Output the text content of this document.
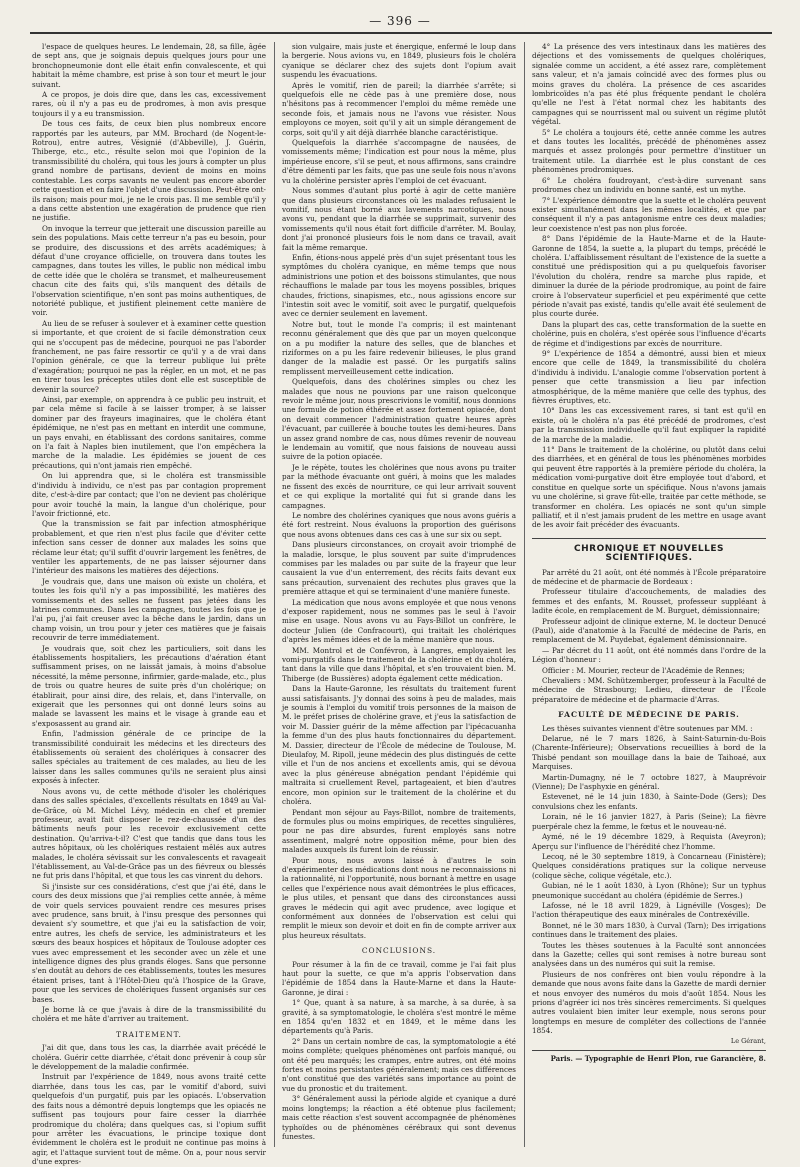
— 396 —

l'espace de quelques heures. Le lendemain, 28, sa fille, âgée de sept ans, que je soignais depuis quelques jours pour une bronchopneumonie dont elle était enfin convalescente, et qui habitait la même chambre, est prise à son tour et meurt le jour suivant.

A ce propos, je dois dire que, dans les cas, excessivement rares, où il n'y a pas eu de prodromes, à mon avis presque toujours il y a eu transmission.

De tous ces faits, de ceux bien plus nombreux encore rapportés par les auteurs, par MM. Brochard (de Nogent-le-Rotrou), entre autres, Vésignié (d'Abbeville), J. Guérin, Thiberge, etc., etc., résulte selon moi que l'opinion de la transmissibilité du choléra, qui tous les jours à compter un plus grand nombre de partisans, devient de moins en moins contestable. Les corps savants ne veulent pas encore aborder cette question et en faire l'objet d'une discussion. Peut-être ont-ils raison; mais pour moi, je ne le crois pas. Il me semble qu'il y a dans cette abstention une exagération de prudence que rien ne justifie.

On invoque la terreur que jetterait une discussion pareille au sein des populations. Mais cette terreur n'a pas eu besoin, pour se produire, des discussions et des arrêts académiques; à défaut d'une croyance officielle, on trouvera dans toutes les campagnes, dans toutes les villes, le public non médical imbu de cette idée que le choléra se transmet, et malheureusement chacun cite des faits qui, s'ils manquent des détails de l'observation scientifique, n'en sont pas moins authentiques, de notoriété publique, et justifient pleinement cette manière de voir.

Au lieu de se refuser à soulever et à examiner cette question si importante, et que croient de si facile démonstration ceux qui ne s'occupent pas de médecine, pourquoi ne pas l'aborder franchement, ne pas faire ressortir ce qu'il y a de vrai dans l'opinion générale, ce que la terreur publique lui prête d'exagération; pourquoi ne pas la régler, en un mot, et ne pas en tirer tous les préceptes utiles dont elle est susceptible de devenir la source?

Ainsi, par exemple, on apprendra à ce public peu instruit, et par cela même si facile à se laisser tromper, à se laisser dominer par des frayeurs imaginaires, que le choléra étant épidémique, ne n'est pas en mettant en interdit une commune, un pays envahi, en établissant des cordons sanitaires, comme on l'a fait à Naples bien inutilement, que l'on empêchera la marche de la maladie. Les épidémies se jouent de ces précautions, qui n'ont jamais rien empêché.

On lui apprendra que, si le choléra est transmissible d'individu à individu, ce n'est pas par contagion proprement dite, c'est-à-dire par contact; que l'on ne devient pas cholérique pour avoir touché la main, la langue d'un cholérique, pour l'avoir frictionné, etc.

Que la transmission se fait par infection atmosphérique probablement, et que rien n'est plus facile que d'éviter cette infection sans cesser de donner aux malades les soins que réclame leur état; qu'il suffit d'ouvrir largement les fenêtres, de ventiler les appartements, de ne pas laisser séjourner dans l'intérieur des maisons les matières des déjections.

Je voudrais que, dans une maison où existe un choléra, et toutes les fois qu'il n'y a pas impossibilité, les matières des vomissements et des selles ne fussent pas jetées dans les latrines communes. Dans les campagnes, toutes les fois que je l'ai pu, j'ai fait creuser avec la bêche dans le jardin, dans un champ voisin, un trou pour y jeter ces matières que je faisais recouvrir de terre immédiatement.

Je voudrais que, soit chez les particuliers, soit dans les établissements hospitaliers, les précautions d'aération étant suffisamment prises, on ne laissât jamais, à moins d'absolue nécessité, la même personne, infirmier, garde-malade, etc., plus de trois ou quatre heures de suite près d'un cholérique; on établirait, pour ainsi dire, des relais, et, dans l'intervalle, on exigerait que les personnes qui ont donné leurs soins au malade se lavassent les mains et le visage à grande eau et s'exposassent au grand air.

Enfin, l'admission générale de ce principe de la transmissibilité conduirait les médecins et les directeurs des établissements où seraient des cholériques à consacrer des salles spéciales au traitement de ces malades, au lieu de les laisser dans les salles communes qu'ils ne seraient plus ainsi exposés à infecter.

Nous avons vu, de cette méthode d'isoler les cholériques dans des salles spéciales, d'excellents résultats en 1849 au Val-de-Grâce, où M. Michel Lévy, médecin en chef et premier professeur, avait fait disposer le rez-de-chaussée d'un des bâtiments neufs pour les recevoir exclusivement cette destination. Qu'arriva-t-il? C'est que tandis que dans tous les autres hôpitaux, où les cholériques restaient mêlés aux autres malades, le choléra sévissait sur les convalescents et ravageait l'établissement, au Val-de-Grâce pas un des fiévreux ou blessés ne fut pris dans l'hôpital, et que tous les cas vinrent du dehors.

Si j'insiste sur ces considérations, c'est que j'ai été, dans le cours des deux missions que j'ai remplies cette année, à même de voir quels services pouvaient rendre ces mesures prises avec prudence, sans bruit, à l'insu presque des personnes qui devaient s'y soumettre, et que j'ai eu la satisfaction de voir, entre autres, les chefs de service, les administrateurs et les sœurs des beaux hospices et hôpitaux de Toulouse adopter ces vues avec empressement et les seconder avec un zèle et une intelligence dignes des plus grands éloges. Sans que personne s'en doutât au dehors de ces établissements, toutes les mesures étaient prises, tant à l'Hôtel-Dieu qu'à l'hospice de la Grave, pour que les services de cholériques fussent organisés sur ces bases.

Je borne là ce que j'avais à dire de la transmissibilité du choléra et me hâte d'arriver au traitement.

TRAITEMENT.

J'ai dit que, dans tous les cas, la diarrhée avait précédé le choléra. Guérir cette diarrhée, c'était donc prévenir à coup sûr le développement de la maladie confirmée.

Instruit par l'expérience de 1849, nous avons traité cette diarrhée, dans tous les cas, par le vomitif d'abord, suivi quelquefois d'un purgatif, puis par les opiacés. L'observation des faits nous a démontré depuis longtemps que les opiacés ne suffisent pas toujours pour faire cesser la diarrhée prodromique du choléra; dans quelques cas, si l'opium suffit pour arrêter les évacuations, le principe toxique dont évidemment le choléra est le produit ne continue pas moins à agir, et l'attaque survient tout de même. On a, pour nous servir d'une expres-

sion vulgaire, mais juste et énergique, enfermé le loup dans la bergerie. Nous avions vu, en 1849, plusieurs fois le choléra cyanique se déclarer chez des sujets dont l'opium avait suspendu les évacuations.

Après le vomitif, rien de pareil; la diarrhée s'arrête; si quelquefois elle ne cède pas à une première dose, nous n'hésitons pas à recommencer l'emploi du même remède une seconde fois, et jamais nous ne l'avons vue résister. Nous employons ce moyen, soit qu'il y ait un simple dérangement de corps, soit qu'il y ait déjà diarrhée blanche caractéristique.

Quelquefois la diarrhée s'accompagne de nausées, de vomissements même; l'indication est pour nous la même, plus impérieuse encore, s'il se peut, et nous affirmons, sans craindre d'être démenti par les faits, que pas une seule fois nous n'avons vu la cholérine persister après l'emploi de cet évacuant.

Nous sommes d'autant plus porté à agir de cette manière que dans plusieurs circonstances où les malades refusaient le vomitif, nous étant borné aux lavements narcotiques, nous avons vu, pendant que la diarrhée se supprimait, survenir des vomissements qu'il nous était fort difficile d'arrêter. M. Boulay, dont j'ai prononcé plusieurs fois le nom dans ce travail, avait fait la même remarque.

Enfin, étions-nous appelé près d'un sujet présentant tous les symptômes du choléra cyanique, en même temps que nous administrions une potion et des boissons stimulantes, que nous réchauffions le malade par tous les moyens possibles, briques chaudes, frictions, sinapismes, etc., nous agissions encore sur l'intestin soit avec le vomitif, soit avec le purgatif, quelquefois avec ce dernier seulement en lavement.

Notre but, tout le monde l'a compris; il est maintenant reconnu généralement que dès que par un moyen quelconque on a pu modifier la nature des selles, que de blanches et riziformes on a pu les faire redevenir bilieuses, le plus grand danger de la maladie est passé. Or les purgatifs salins remplissent merveilleusement cette indication.

Quelquefois, dans des cholérines simples ou chez les malades que nous ne pouvions par une raison quelconque revoir le même jour, nous prescrivions le vomitif, nous donnions une formule de potion éthérée et assez fortement opiacée, dont on devait commencer l'administration quatre heures après l'évacuant, par cuillerée à bouche toutes les demi-heures. Dans un assez grand nombre de cas, nous dûmes revenir de nouveau le lendemain au vomitif, que nous faisions de nouveau aussi suivre de la potion opiacée.

Je le répète, toutes les cholérines que nous avons pu traiter par la méthode évacuante ont guéri, à moins que les malades ne fissent des excès de nourriture, ce qui leur arrivait souvent et ce qui explique la mortalité qui fut si grande dans les campagnes.

Le nombre des cholérines cyaniques que nous avons guéris a été fort restreint. Nous évaluons la proportion des guérisons que nous avons obtenues dans ces cas à une sur six ou sept.

Dans plusieurs circonstances, on croyait avoir triomphé de la maladie, lorsque, le plus souvent par suite d'imprudences commises par les malades ou par suite de la frayeur que leur causaient la vue d'un enterrement, des récits faits devant eux sans précaution, survenaient des rechutes plus graves que la première attaque et qui se terminaient d'une manière funeste.

La médication que nous avons employée et que nous venons d'exposer rapidement, nous ne sommes pas le seul à l'avoir mise en usage. Nous avons vu au Fays-Billot un confrère, le docteur Julien (de Confracourt), qui traitait les cholériques d'après les mêmes idées et de la même manière que nous.

MM. Montrol et de Confévron, à Langres, employaient les vomi-purgatifs dans le traitement de la cholérine et du choléra, tant dans la ville que dans l'hôpital, et s'en trouvaient bien. M. Thiberge (de Bussières) adopta également cette médication.

Dans la Haute-Garonne, les résultats du traitement furent aussi satisfaisants. J'y donnai des soins à peu de malades, mais je soumis à l'emploi du vomitif trois personnes de la maison de M. le préfet prises de cholérine grave, et j'eus la satisfaction de voir M. Dassier guérir de la même affection par l'ipécacuanha la femme d'un des plus hauts fonctionnaires du département. M. Dassier, directeur de l'École de médecine de Toulouse, M. Dieulafoy, M. Ripoll, jeune médecin des plus distingués de cette ville et l'un de nos anciens et excellents amis, qui se dévoua avec la plus généreuse abnégation pendant l'épidémie qui maltraita si cruellement Revel, partageaient, et bien d'autres encore, mon opinion sur le traitement de la cholérine et du choléra.

Pendant mon séjour au Fays-Billot, nombre de traitements, de formules plus ou moins empiriques, de recettes singulières, pour ne pas dire absurdes, furent employés sans notre assentiment, malgré notre opposition même, pour bien des malades auxquels ils furent loin de réussir.

Pour nous, nous avons laissé à d'autres le soin d'expérimenter des médications dont nous ne reconnaissions ni la rationnalité, ni l'opportunité, nous bornant à mettre en usage celles que l'expérience nous avait démontrées le plus efficaces, le plus utiles, et pensant que dans des circonstances aussi graves le médecin qui agit avec prudence, avec logique et conformément aux données de l'observation est celui qui remplit le mieux son devoir et doit en fin de compte arriver aux plus heureux résultats.

CONCLUSIONS.

Pour résumer à la fin de ce travail, comme je l'ai fait plus haut pour la suette, ce que m'a appris l'observation dans l'épidémie de 1854 dans la Haute-Marne et dans la Haute-Garonne, je dirai :

1° Que, quant à sa nature, à sa marche, à sa durée, à sa gravité, à sa symptomatologie, le choléra s'est montré le même en 1854 qu'en 1832 et en 1849, et le même dans les départements qu'à Paris.

2° Dans un certain nombre de cas, la symptomatologie a été moins complète; quelques phénomènes ont parfois manqué, ou ont été peu marqués; les crampes, entre autres, ont été moins fortes et moins persistantes généralement; mais ces différences n'ont constitué que des variétés sans importance au point de vue du pronostic et du traitement.

3° Généralement aussi la période algide et cyanique a duré moins longtemps; la réaction a été obtenue plus facilement; mais cette réaction s'est souvent accompagnée de phénomènes typhoïdes ou de phénomènes cérébraux qui sont devenus funestes.

4° La présence des vers intestinaux dans les matières des déjections et des vomissements de quelques cholériques, signalée comme un accident, a été assez rare, complètement sans valeur, et n'a jamais coïncidé avec des formes plus ou moins graves du choléra. La présence de ces ascarides lombricoïdes n'a pas été plus fréquente pendant le choléra qu'elle ne l'est à l'état normal chez les habitants des campagnes qui se nourrissent mal ou suivent un régime plutôt végétal.

5° Le choléra a toujours été, cette année comme les autres et dans toutes les localités, précédé de phénomènes assez marqués et assez prolongés pour permettre d'instituer un traitement utile. La diarrhée est le plus constant de ces phénomènes prodromiques.

6° Le choléra foudroyant, c'est-à-dire survenant sans prodromes chez un individu en bonne santé, est un mythe.

7° L'expérience démontre que la suette et le choléra peuvent exister simultanément dans les mêmes localités, et que par conséquent il n'y a pas antagonisme entre ces deux maladies; leur coexistence n'est pas non plus forcée.

8° Dans l'épidémie de la Haute-Marne et de la Haute-Garonne de 1854, la suette a, la plupart du temps, précédé le choléra. L'affaiblissement résultant de l'existence de la suette a constitué une prédisposition qui a pu quelquefois favoriser l'évolution du choléra, rendre sa marche plus rapide, et diminuer la durée de la période prodromique, au point de faire croire à l'observateur superficiel et peu expérimenté que cette période n'avait pas existé, tandis qu'elle avait été seulement de plus courte durée.

Dans la plupart des cas, cette transformation de la suette en cholérine, puis en choléra, s'est opérée sous l'influence d'écarts de régime et d'indigestions par excès de nourriture.

9° L'expérience de 1854 a démontré, aussi bien et mieux encore que celle de 1849, la transmissibilité du choléra d'individu à individu. L'analogie comme l'observation portent à penser que cette transmission a lieu par infection atmosphérique, de la même manière que celle des typhus, des fièvres éruptives, etc.

10° Dans les cas excessivement rares, si tant est qu'il en existe, où le choléra n'a pas été précédé de prodromes, c'est par la transmission individuelle qu'il faut expliquer la rapidité de la marche de la maladie.

11° Dans le traitement de la cholérine, ou plutôt dans celui des diarrhées, et en général de tous les phénomènes morbides qui peuvent être rapportés à la première période du choléra, la médication vomi-purgative doit être employée tout d'abord, et constitue en quelque sorte un spécifique. Nous n'avons jamais vu une cholérine, si grave fût-elle, traitée par cette méthode, se transformer en choléra. Les opiacés ne sont qu'un simple palliatif, et il n'est jamais prudent de les mettre en usage avant de les avoir fait précéder des évacuants.

CHRONIQUE ET NOUVELLES SCIENTIFIQUES.

Par arrêté du 21 août, ont été nommés à l'École préparatoire de médecine et de pharmacie de Bordeaux :

Professeur titulaire d'accouchements, de maladies des femmes et des enfants, M. Rousset, professeur suppléant à ladite école, en remplacement de M. Burguet, démissionnaire;

Professeur adjoint de clinique externe, M. le docteur Denucé (Paul), aide d'anatomie à la Faculté de médecine de Paris, en remplacement de M. Puydebat, également démissionnaire.

— Par décret du 11 août, ont été nommés dans l'ordre de la Légion d'honneur :

Officier : M. Mourier, recteur de l'Académie de Rennes;

Chevaliers : MM. Schützemberger, professeur à la Faculté de médecine de Strasbourg; Ledieu, directeur de l'École préparatoire de médecine et de pharmacie d'Arras.

FACULTÉ DE MÉDECINE DE PARIS.

Les thèses suivantes viennent d'être soutenues par MM. :

Delarue, né le 7 mars 1826, à Saint-Saturnin-du-Bois (Charente-Inférieure); Observations recueillies à bord de la Thisbé pendant son mouillage dans la baie de Taihoaé, aux Marquises.

Martin-Dumagny, né le 7 octobre 1827, à Mauprévoir (Vienne); De l'asphyxie en général.

Estevenet, né le 14 juin 1830, à Sainte-Dode (Gers); Des convulsions chez les enfants.

Lorain, né le 16 janvier 1827, à Paris (Seine); La fièvre puerpérale chez la femme, le fœtus et le nouveau-né.

Aymé, né le 19 décembre 1829, à Requista (Aveyron); Aperçu sur l'influence de l'hérédité chez l'homme.

Lecoq, né le 30 septembre 1819, à Concarneau (Finistère); Quelques considérations pratiques sur la colique nerveuse (colique sèche, colique végétale, etc.).

Gubian, né le 1 août 1830, à Lyon (Rhône); Sur un typhus pneumonique succédant au choléra (épidémie de Serres.)

Lafosse, né le 18 avril 1829, à Lignéville (Vosges); De l'action thérapeutique des eaux minérales de Contrexéville.

Bonnet, né le 30 mars 1830, à Curval (Tarn); Des irrigations continues dans le traitement des plaies.

Toutes les thèses soutenues à la Faculté sont annoncées dans la Gazette; celles qui sont remises à notre bureau sont analysées dans un des numéros qui suit la remise.

Plusieurs de nos confrères ont bien voulu répondre à la demande que nous avons faite dans la Gazette de mardi dernier et nous envoyer des numéros du mois d'août 1854. Nous les prions d'agréer ici nos très sincères remerciments. Si quelques autres voulaient bien imiter leur exemple, nous serons pour longtemps en mesure de compléter des collections de l'année 1854.

Le Gérant,

Paris. — Typographie de Henri Plon, rue Garancière, 8.
